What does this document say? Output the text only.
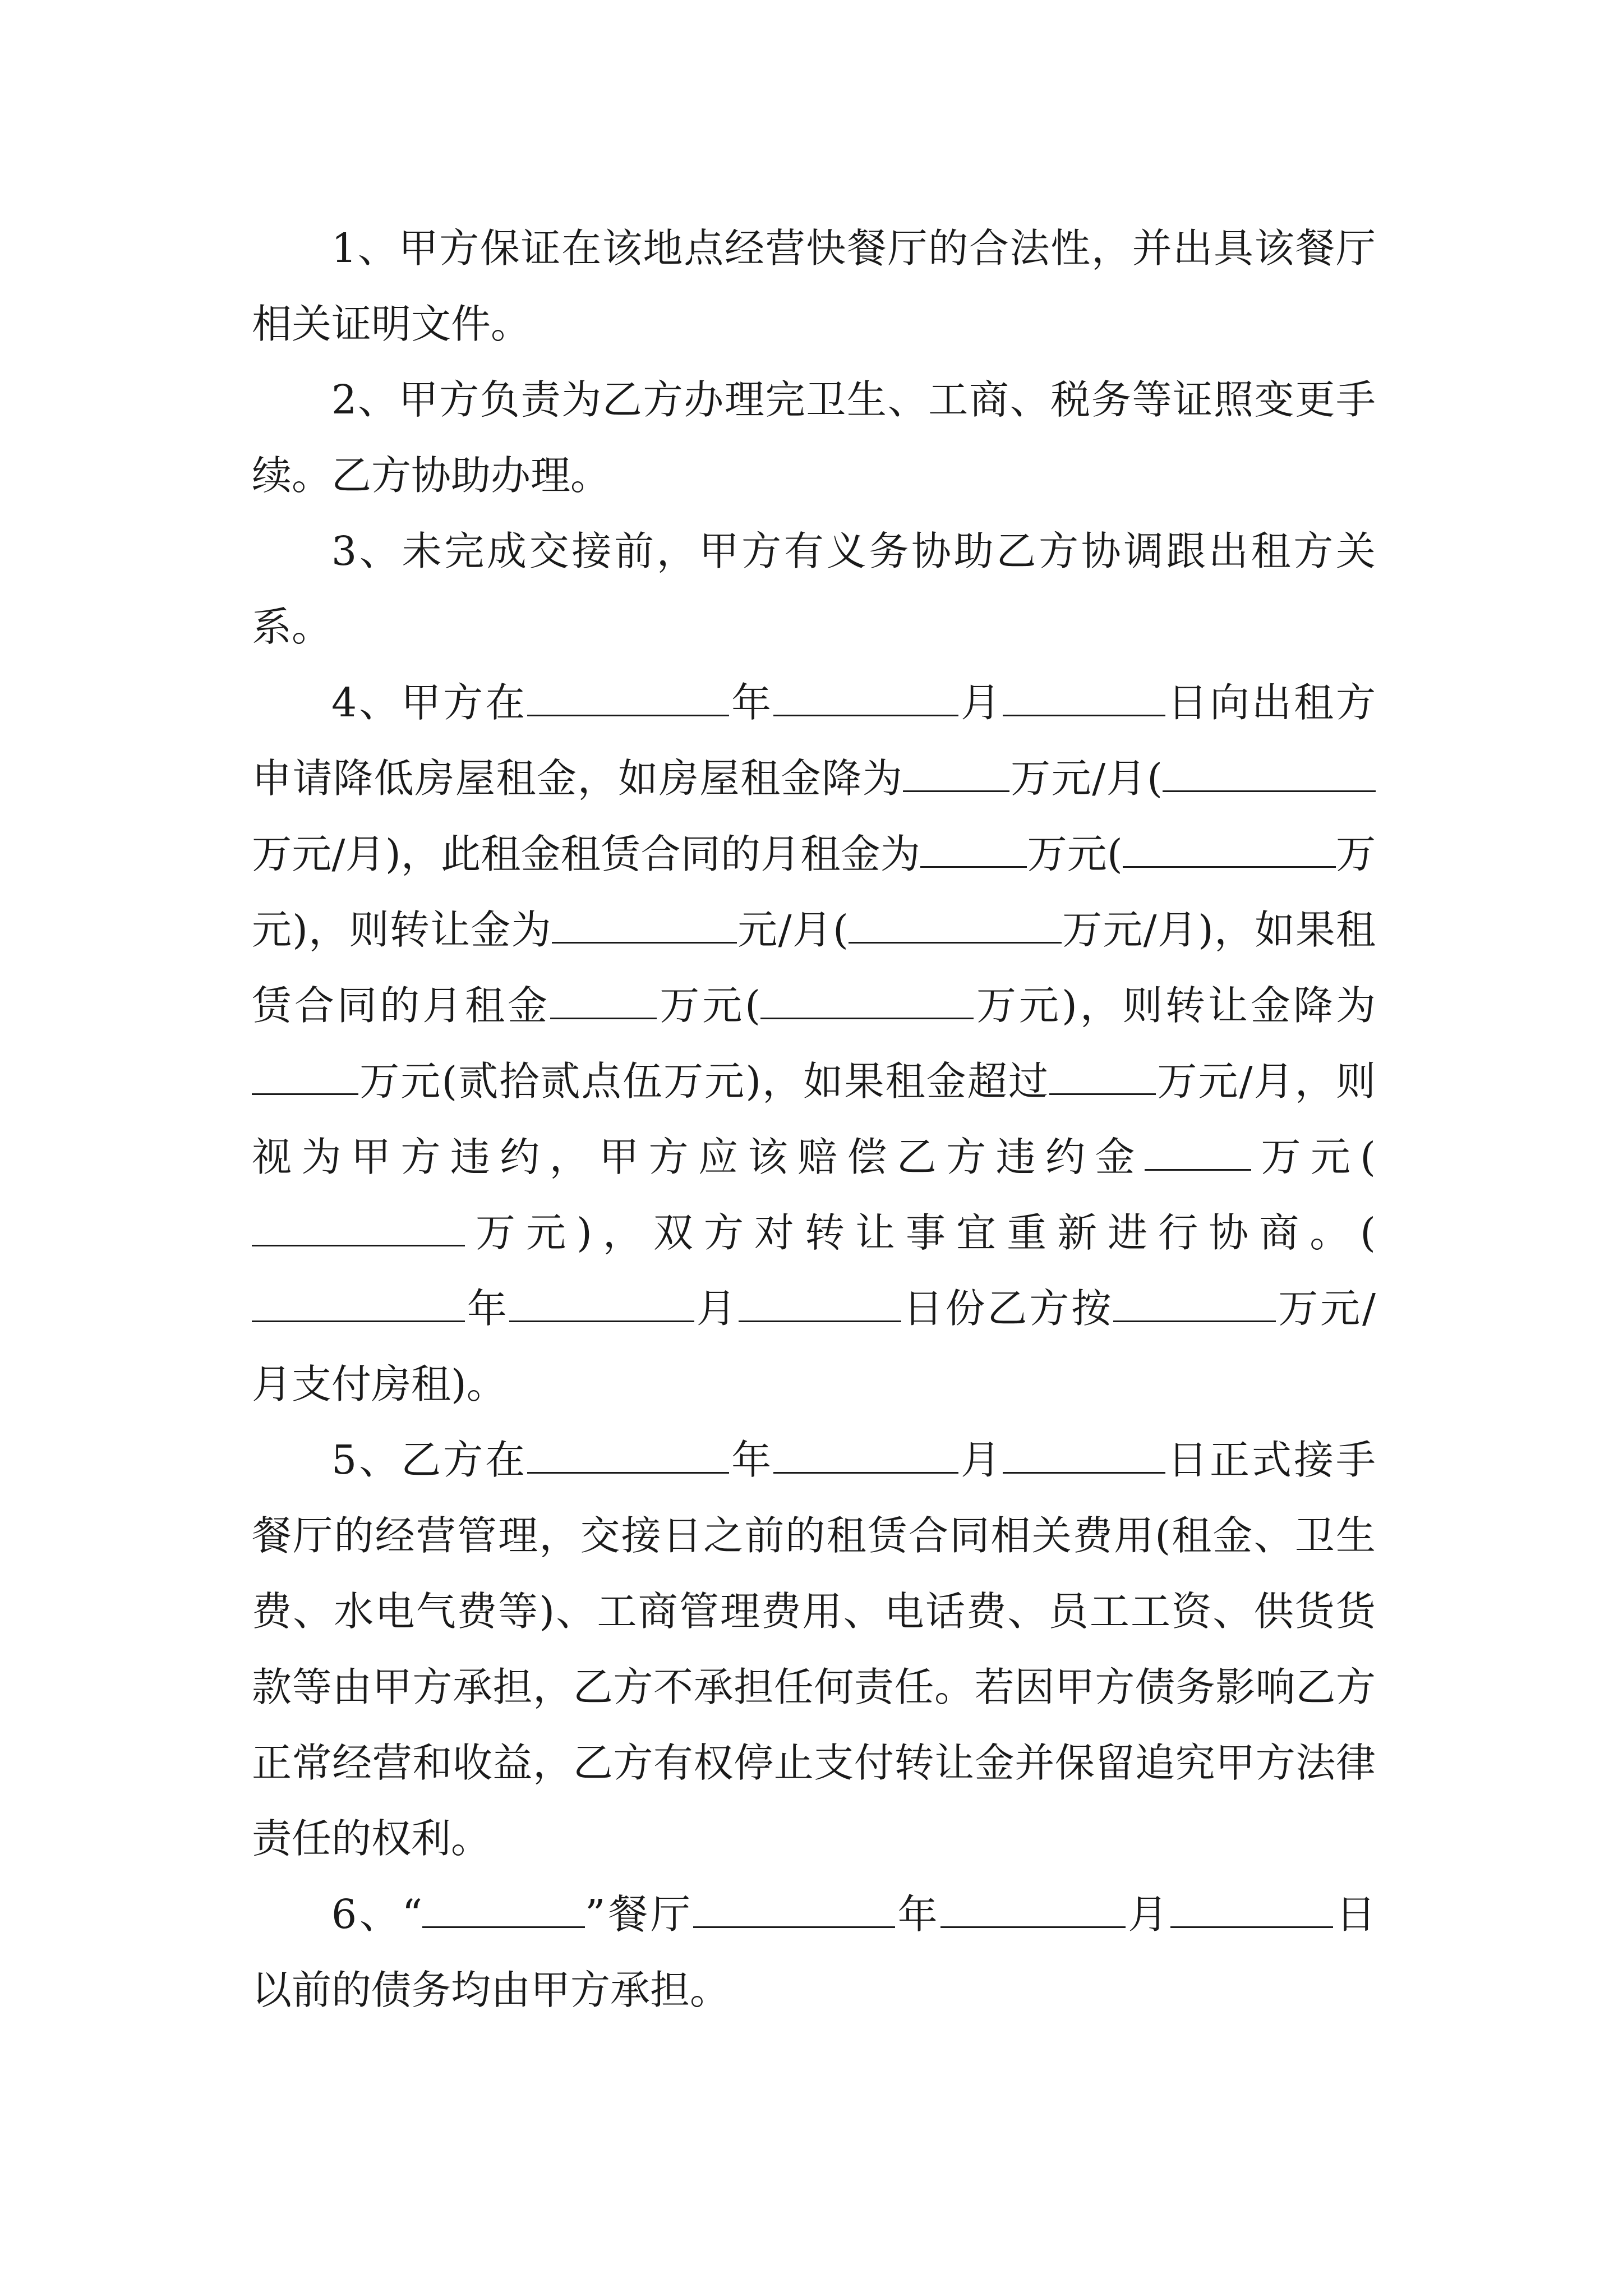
1、甲方保证在该地点经营快餐厅的合法性，并出具该餐厅相关证明文件。

2、甲方负责为乙方办理完卫生、工商、税务等证照变更手续。乙方协助办理。

3、未完成交接前，甲方有义务协助乙方协调跟出租方关系。

4、甲方在	年	月	日向出租方申请降低房屋租金，如房屋租金降为	万元/月(万元/月)，此租金租赁合同的月租金为	万元(	万元)，则转让金为	元/月(	万元/月)，如果租赁合同的月租金	万元(	万元)，则转让金降为万元(贰拾贰点伍万元)，如果租金超过	万元/月，则视为甲方违约，甲方应该赔偿乙方违约金	万元(万元)，双方对转让事宜重新进行协商。(年	月	日份乙方按	万元/月支付房租)。

5、乙方在	年	月	日正式接手餐厅的经营管理，交接日之前的租赁合同相关费用(租金、卫生费、水电气费等)、工商管理费用、电话费、员工工资、供货货款等由甲方承担，乙方不承担任何责任。若因甲方债务影响乙方正常经营和收益，乙方有权停止支付转让金并保留追究甲方法律责任的权利。

6、“	”餐厅	年	月	日以前的债务均由甲方承担。
